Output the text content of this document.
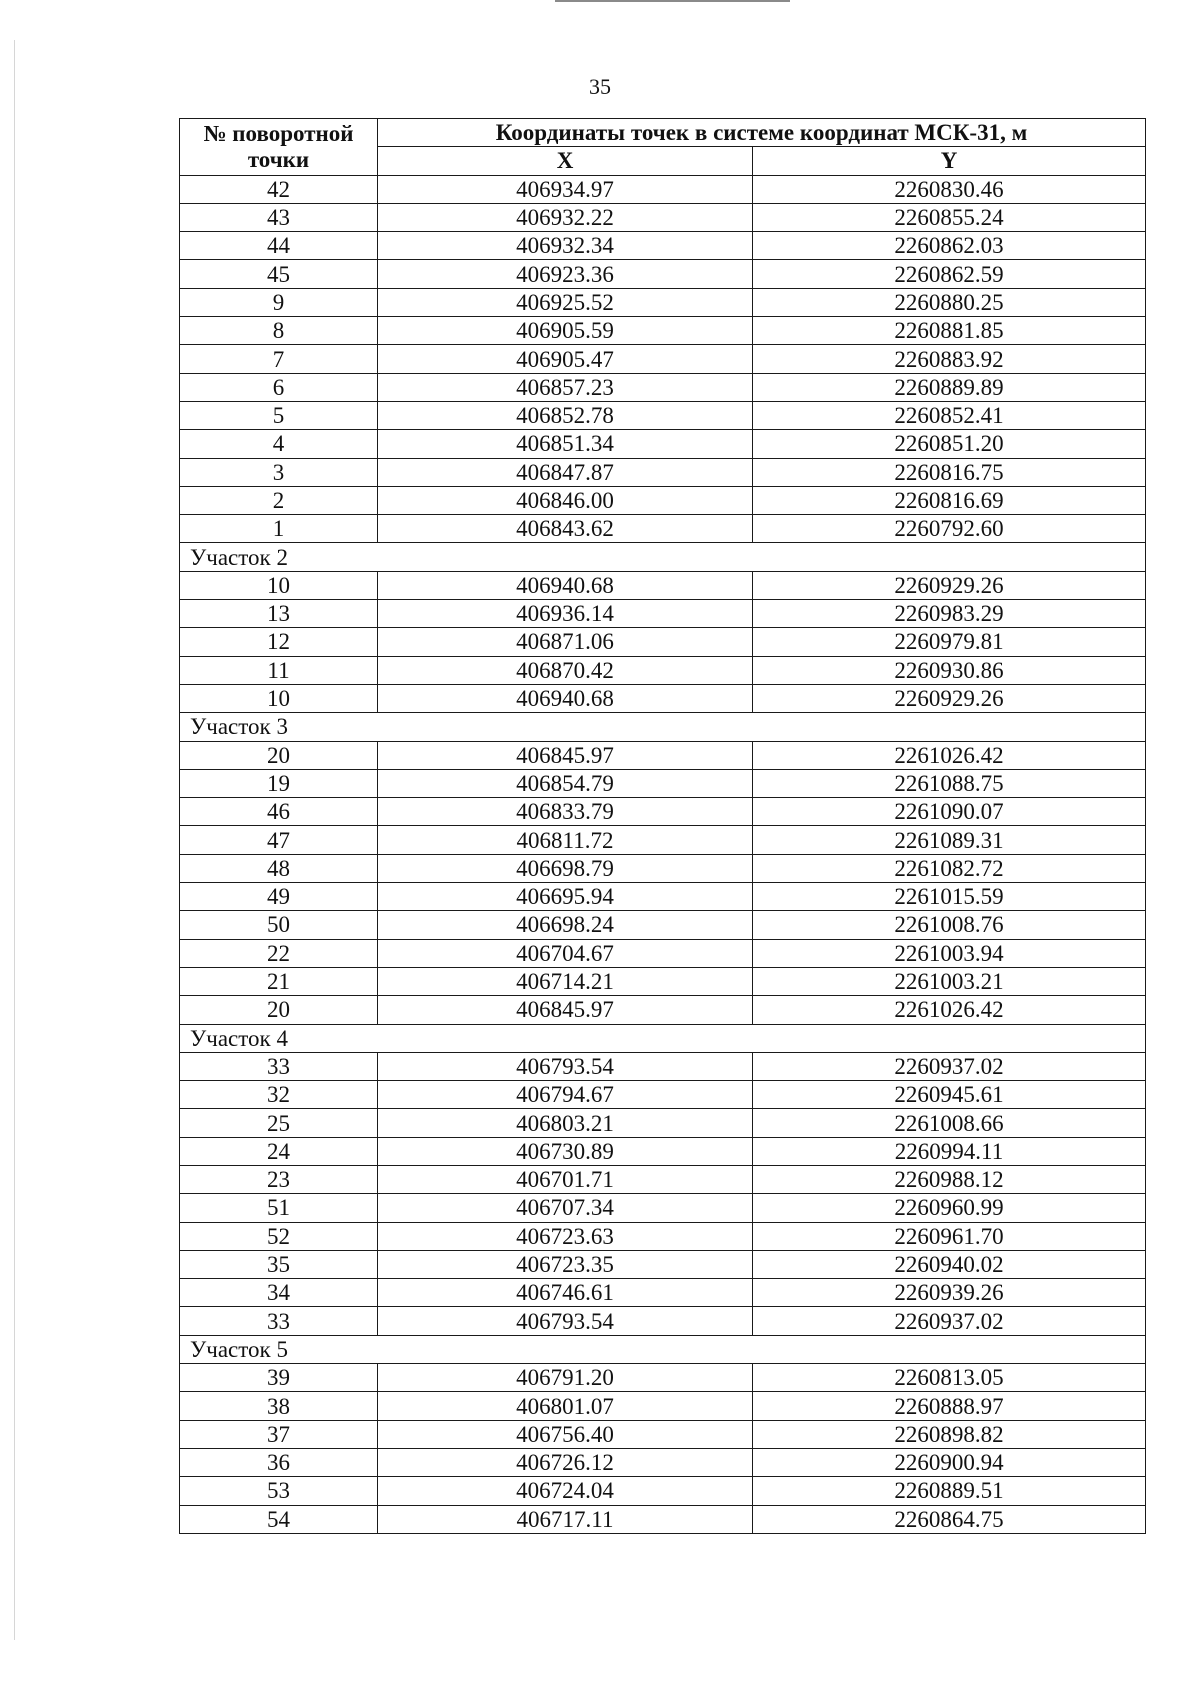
35
№ поворотной точки	Координаты точек в системе координат МСК-31, м	
	X	Y
42	406934.97	2260830.46
43	406932.22	2260855.24
44	406932.34	2260862.03
45	406923.36	2260862.59
9	406925.52	2260880.25
8	406905.59	2260881.85
7	406905.47	2260883.92
6	406857.23	2260889.89
5	406852.78	2260852.41
4	406851.34	2260851.20
3	406847.87	2260816.75
2	406846.00	2260816.69
1	406843.62	2260792.60
Участок 2		
10	406940.68	2260929.26
13	406936.14	2260983.29
12	406871.06	2260979.81
11	406870.42	2260930.86
10	406940.68	2260929.26
Участок 3		
20	406845.97	2261026.42
19	406854.79	2261088.75
46	406833.79	2261090.07
47	406811.72	2261089.31
48	406698.79	2261082.72
49	406695.94	2261015.59
50	406698.24	2261008.76
22	406704.67	2261003.94
21	406714.21	2261003.21
20	406845.97	2261026.42
Участок 4		
33	406793.54	2260937.02
32	406794.67	2260945.61
25	406803.21	2261008.66
24	406730.89	2260994.11
23	406701.71	2260988.12
51	406707.34	2260960.99
52	406723.63	2260961.70
35	406723.35	2260940.02
34	406746.61	2260939.26
33	406793.54	2260937.02
Участок 5		
39	406791.20	2260813.05
38	406801.07	2260888.97
37	406756.40	2260898.82
36	406726.12	2260900.94
53	406724.04	2260889.51
54	406717.11	2260864.75
